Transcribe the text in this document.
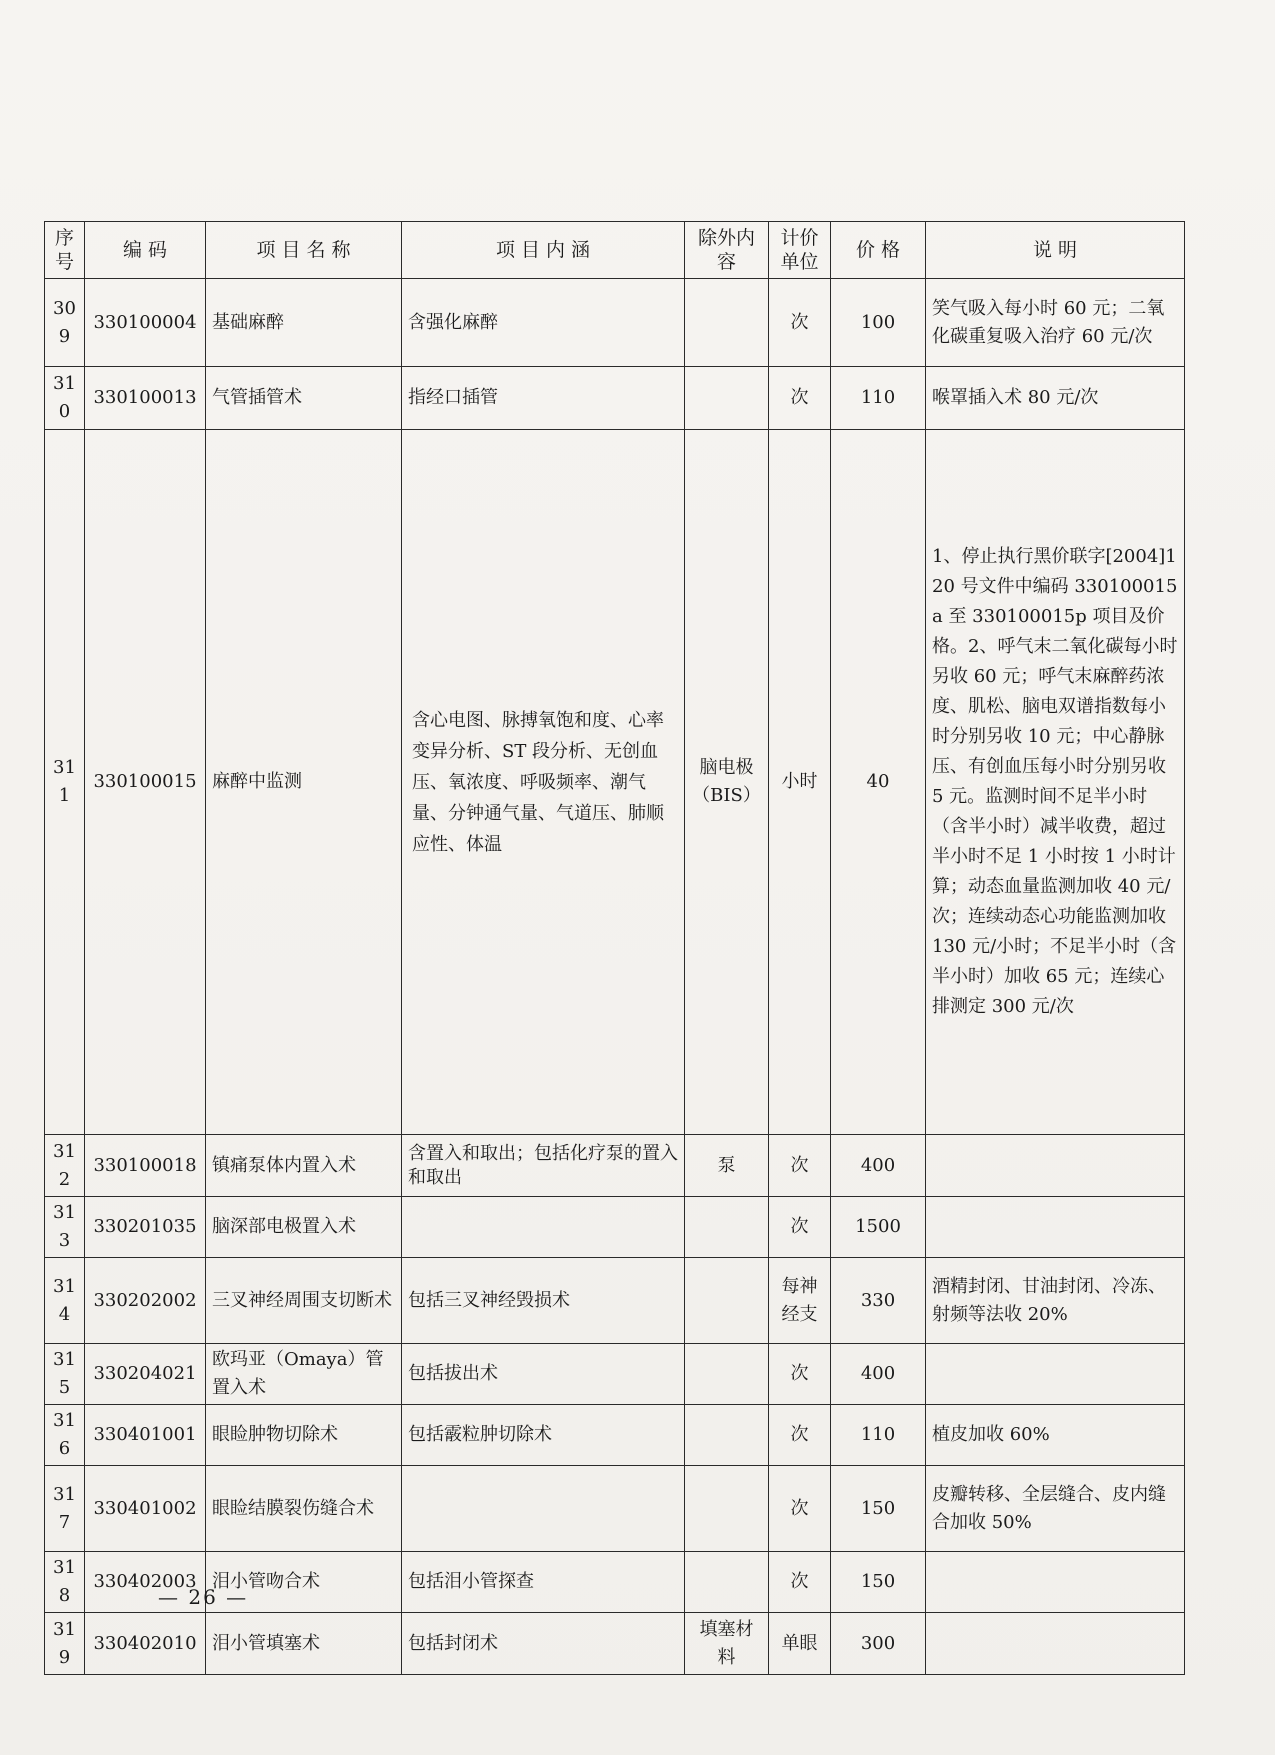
序号	编 码	项 目 名 称	项 目 内 涵	除外内容	计价单位	价 格	说 明
309	330100004	基础麻醉	含强化麻醉		次	100	笑气吸入每小时 60 元；二氧化碳重复吸入治疗 60 元/次
310	330100013	气管插管术	指经口插管		次	110	喉罩插入术 80 元/次
311	330100015	麻醉中监测	含心电图、脉搏氧饱和度、心率变异分析、ST 段分析、无创血压、氧浓度、呼吸频率、潮气量、分钟通气量、气道压、肺顺应性、体温	脑电极（BIS）	小时	40	1、停止执行黑价联字[2004]120 号文件中编码 330100015a 至 330100015p 项目及价格。2、呼气末二氧化碳每小时另收 60 元；呼气末麻醉药浓度、肌松、脑电双谱指数每小时分别另收 10 元；中心静脉压、有创血压每小时分别另收 5 元。监测时间不足半小时（含半小时）减半收费，超过半小时不足 1 小时按 1 小时计算；动态血量监测加收 40 元/次；连续动态心功能监测加收 130 元/小时；不足半小时（含半小时）加收 65 元；连续心排测定 300 元/次
312	330100018	镇痛泵体内置入术	含置入和取出；包括化疗泵的置入和取出	泵	次	400	
313	330201035	脑深部电极置入术			次	1500	
314	330202002	三叉神经周围支切断术	包括三叉神经毁损术		每神经支	330	酒精封闭、甘油封闭、冷冻、射频等法收 20%
315	330204021	欧玛亚（Omaya）管置入术	包括拔出术		次	400	
316	330401001	眼睑肿物切除术	包括霰粒肿切除术		次	110	植皮加收 60%
317	330401002	眼睑结膜裂伤缝合术			次	150	皮瓣转移、全层缝合、皮内缝合加收 50%
318	330402003	泪小管吻合术	包括泪小管探查		次	150	
319	330402010	泪小管填塞术	包括封闭术	填塞材料	单眼	300	
— 26 —
